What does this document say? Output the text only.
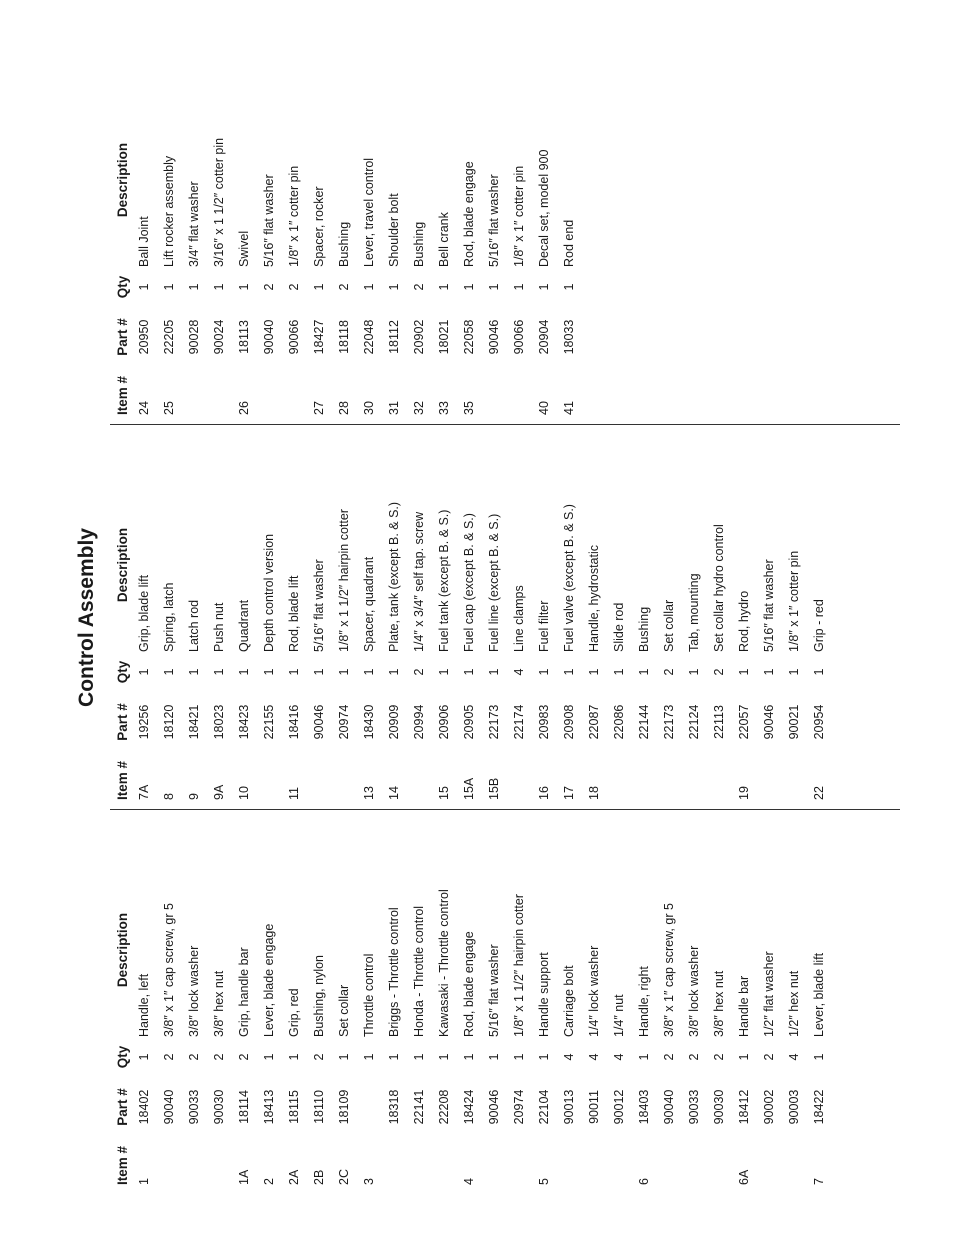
Control Assembly
Item #
Part #
Qty
Description
1
18402
1
Handle, left
90040
2
3/8″ x 1″ cap screw, gr 5
90033
2
3/8″ lock washer
90030
2
3/8″ hex nut
1A
18114
2
Grip, handle bar
2
18413
1
Lever, blade engage
2A
18115
1
Grip, red
2B
18110
2
Bushing, nylon
2C
18109
1
Set collar
3
1
Throttle control
18318
1
Briggs - Throttle control
22141
1
Honda - Throttle control
22208
1
Kawasaki - Throttle control
4
18424
1
Rod, blade engage
90046
1
5/16″ flat washer
20974
1
1/8″ x 1 1/2″ hairpin cotter
5
22104
1
Handle support
90013
4
Carriage bolt
90011
4
1/4″ lock washer
90012
4
1/4″ nut
6
18403
1
Handle, right
90040
2
3/8″ x 1″ cap screw, gr 5
90033
2
3/8″ lock washer
90030
2
3/8″ hex nut
6A
18412
1
Handle bar
90002
2
1/2″ flat washer
90003
4
1/2″ hex nut
7
18422
1
Lever, blade lift
Item #
Part #
Qty
Description
7A
19256
1
Grip, blade lift
8
18120
1
Spring, latch
9
18421
1
Latch rod
9A
18023
1
Push nut
10
18423
1
Quadrant
22155
1
Depth control version
11
18416
1
Rod, blade lift
90046
1
5/16″ flat washer
20974
1
1/8″ x 1 1/2″ hairpin cotter
13
18430
1
Spacer, quadrant
14
20909
1
Plate, tank (except B. & S.)
20994
2
1/4″ x 3/4″ self tap. screw
15
20906
1
Fuel tank (except B. & S.)
15A
20905
1
Fuel cap (except B. & S.)
15B
22173
1
Fuel line (except B. & S.)
22174
4
Line clamps
16
20983
1
Fuel filter
17
20908
1
Fuel valve (except B. & S.)
18
22087
1
Handle, hydrostatic
22086
1
Slide rod
22144
1
Bushing
22173
2
Set collar
22124
1
Tab, mounting
22113
2
Set collar hydro control
19
22057
1
Rod, hydro
90046
1
5/16″ flat washer
90021
1
1/8″ x 1″ cotter pin
22
20954
1
Grip - red
Item #
Part #
Qty
Description
24
20950
1
Ball Joint
25
22205
1
Lift rocker assembly
90028
1
3/4″ flat washer
90024
1
3/16″ x 1 1/2″ cotter pin
26
18113
1
Swivel
90040
2
5/16″ flat washer
90066
2
1/8″ x 1″ cotter pin
27
18427
1
Spacer, rocker
28
18118
2
Bushing
30
22048
1
Lever, travel control
31
18112
1
Shoulder bolt
32
20902
2
Bushing
33
18021
1
Bell crank
35
22058
1
Rod, blade engage
90046
1
5/16″ flat washer
90066
1
1/8″ x 1″ cotter pin
40
20904
1
Decal set, model 900
41
18033
1
Rod end
